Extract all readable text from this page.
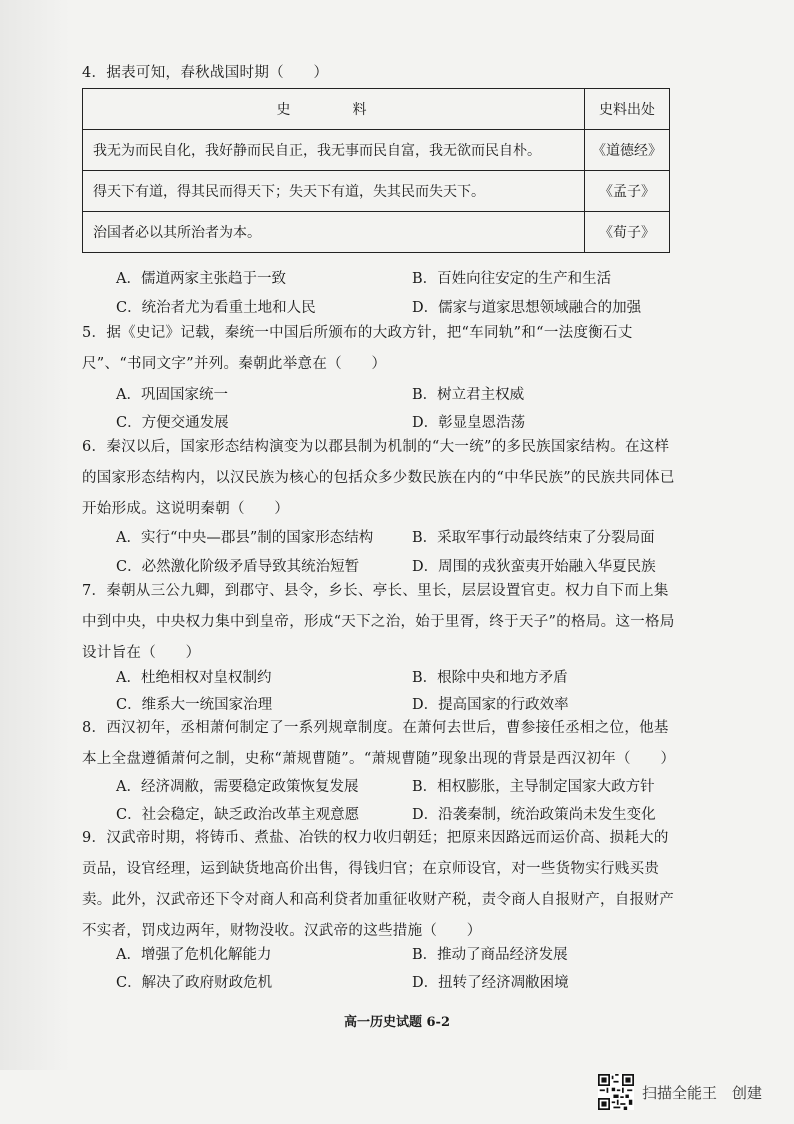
4．据表可知，春秋战国时期（　　）
史　料	史料出处
我无为而民自化，我好静而民自正，我无事而民自富，我无欲而民自朴。	《道德经》
得天下有道，得其民而得天下；失天下有道，失其民而失天下。	《孟子》
治国者必以其所治者为本。	《荀子》
A．儒道两家主张趋于一致	B．百姓向往安定的生产和生活
C．统治者尤为看重土地和人民	D．儒家与道家思想领域融合的加强
5．据《史记》记载，秦统一中国后所颁布的大政方针，把“车同轨”和“一法度衡石丈尺”、“书同文字”并列。秦朝此举意在（　　）
A．巩固国家统一	B．树立君主权威
C．方便交通发展	D．彰显皇恩浩荡
6．秦汉以后，国家形态结构演变为以郡县制为机制的“大一统”的多民族国家结构。在这样的国家形态结构内，以汉民族为核心的包括众多少数民族在内的“中华民族”的民族共同体已开始形成。这说明秦朝（　　）
A．实行“中央—郡县”制的国家形态结构	B．采取军事行动最终结束了分裂局面
C．必然激化阶级矛盾导致其统治短暂	D．周围的戎狄蛮夷开始融入华夏民族
7．秦朝从三公九卿，到郡守、县令，乡长、亭长、里长，层层设置官吏。权力自下而上集中到中央，中央权力集中到皇帝，形成“天下之治，始于里胥，终于天子”的格局。这一格局设计旨在（　　）
A．杜绝相权对皇权制约	B．根除中央和地方矛盾
C．维系大一统国家治理	D．提高国家的行政效率
8．西汉初年，丞相萧何制定了一系列规章制度。在萧何去世后，曹参接任丞相之位，他基本上全盘遵循萧何之制，史称“萧规曹随”。“萧规曹随”现象出现的背景是西汉初年（　　）
A．经济凋敝，需要稳定政策恢复发展	B．相权膨胀，主导制定国家大政方针
C．社会稳定，缺乏政治改革主观意愿	D．沿袭秦制，统治政策尚未发生变化
9．汉武帝时期，将铸币、煮盐、冶铁的权力收归朝廷；把原来因路远而运价高、损耗大的贡品，设官经理，运到缺货地高价出售，得钱归官；在京师设官，对一些货物实行贱买贵卖。此外，汉武帝还下令对商人和高利贷者加重征收财产税，责令商人自报财产，自报财产不实者，罚戍边两年，财物没收。汉武帝的这些措施（　　）
A．增强了危机化解能力	B．推动了商品经济发展
C．解决了政府财政危机	D．扭转了经济凋敝困境
高一历史试题 6-2
扫描全能王　创建
